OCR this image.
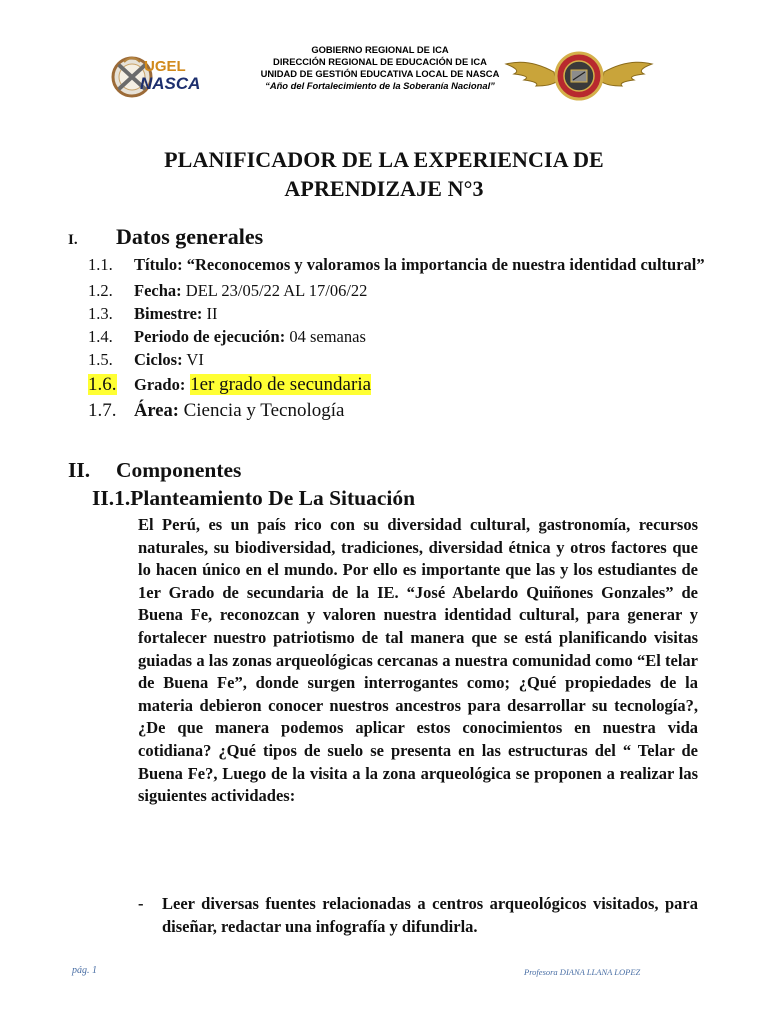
UGEL
NASCA
GOBIERNO REGIONAL DE ICA
DIRECCIÓN REGIONAL DE EDUCACIÓN DE ICA
UNIDAD DE GESTIÓN EDUCATIVA LOCAL DE NASCA
“Año del Fortalecimiento de la Soberanía Nacional”
PLANIFICADOR DE LA EXPERIENCIA DE
APRENDIZAJE N°3
I.	Datos generales
1.1.	Título: “Reconocemos y valoramos la importancia de nuestra identidad cultural”
1.2.	Fecha: DEL 23/05/22 AL 17/06/22
1.3.	Bimestre: II
1.4.	Periodo de ejecución: 04 semanas
1.5.	Ciclos: VI
1.6.	Grado: 1er grado de secundaria
1.7. Área: Ciencia y Tecnología
II.	Componentes
II.1.Planteamiento De La Situación
El Perú, es un país rico con su diversidad cultural, gastronomía, recursos naturales, su biodiversidad, tradiciones, diversidad étnica y otros factores que lo hacen único en el mundo. Por ello es importante que las y los estudiantes de 1er Grado de secundaria de la IE. “José Abelardo Quiñones Gonzales” de Buena Fe, reconozcan y valoren nuestra identidad cultural, para generar y fortalecer nuestro patriotismo de tal manera que se está planificando visitas guiadas a las zonas arqueológicas cercanas a nuestra comunidad como “El telar de Buena Fe”, donde surgen interrogantes como; ¿Qué propiedades de la materia debieron conocer nuestros ancestros para desarrollar su tecnología?, ¿De que manera podemos aplicar estos conocimientos en nuestra vida cotidiana? ¿Qué tipos de suelo se presenta en las estructuras del “ Telar de Buena Fe?, Luego de la visita a la zona arqueológica se proponen a realizar las siguientes actividades:
-	Leer diversas fuentes relacionadas a centros arqueológicos visitados, para diseñar, redactar una infografía y difundirla.
pág. 1	Profesora DIANA LLANA LOPEZ
